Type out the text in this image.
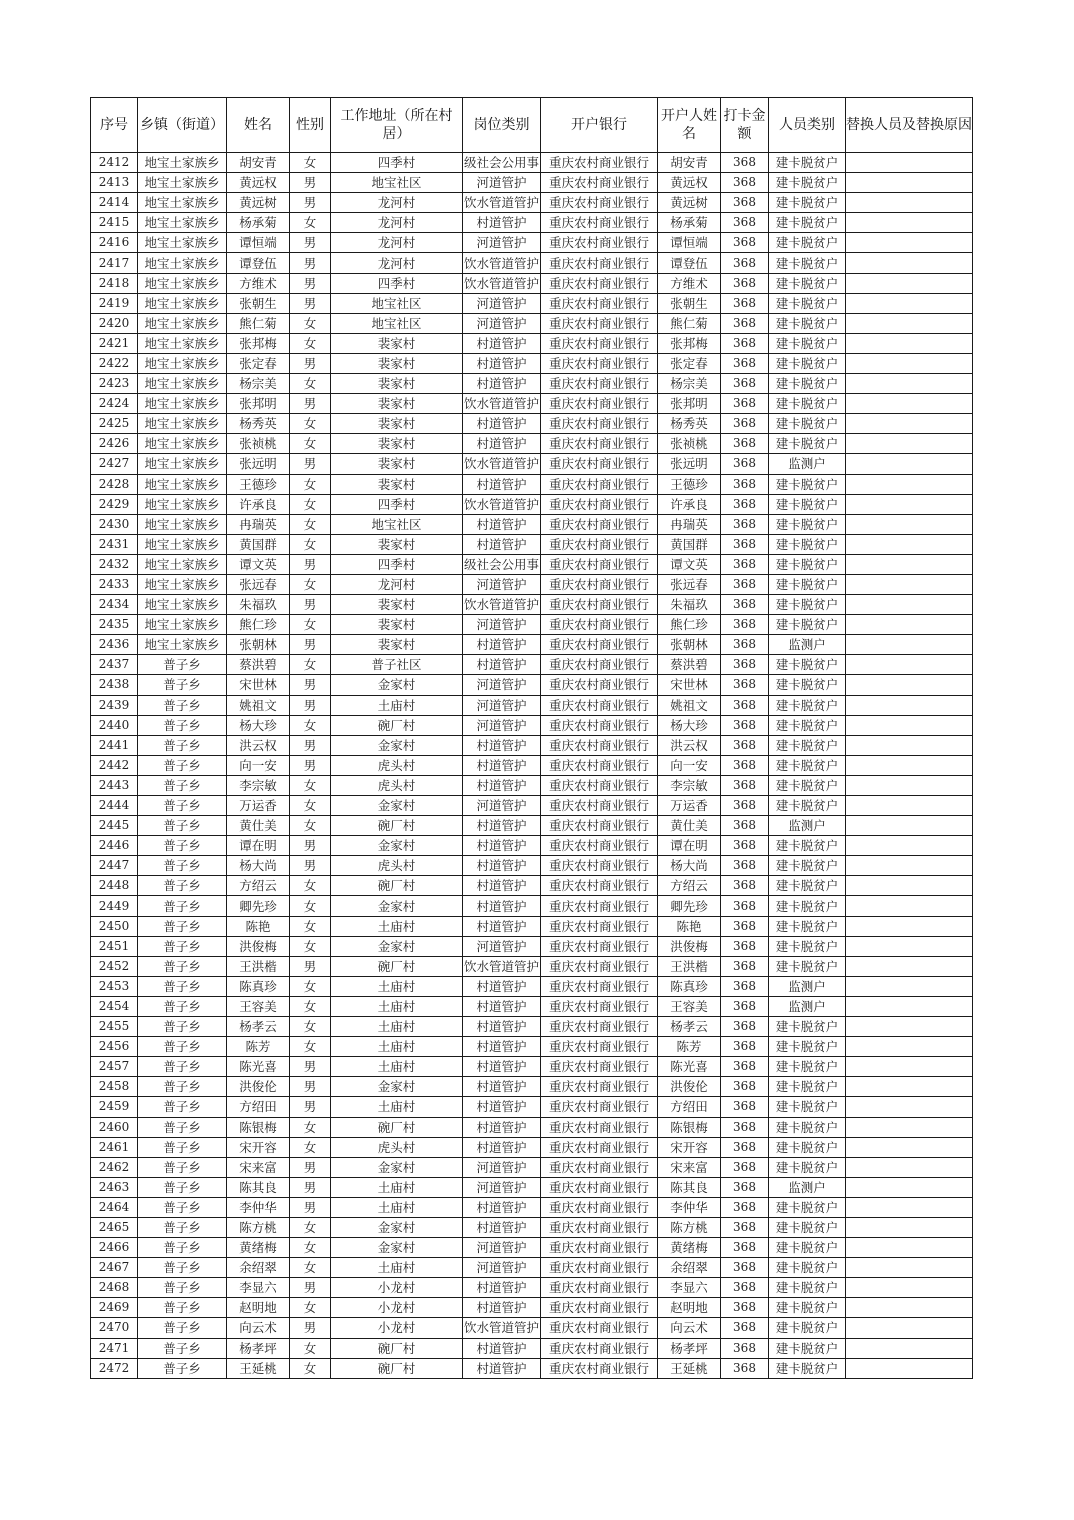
序号	乡镇（街道）	姓名	性别	工作地址（所在村居）	岗位类别	开户银行	开户人姓名	打卡金额	人员类别	替换人员及替换原因
2412	地宝土家族乡	胡安青	女	四季村	级社会公用事	重庆农村商业银行	胡安青	368	建卡脱贫户	
2413	地宝土家族乡	黄远权	男	地宝社区	河道管护	重庆农村商业银行	黄远权	368	建卡脱贫户	
2414	地宝土家族乡	黄远树	男	龙河村	饮水管道管护	重庆农村商业银行	黄远树	368	建卡脱贫户	
2415	地宝土家族乡	杨承菊	女	龙河村	村道管护	重庆农村商业银行	杨承菊	368	建卡脱贫户	
2416	地宝土家族乡	谭恒端	男	龙河村	河道管护	重庆农村商业银行	谭恒端	368	建卡脱贫户	
2417	地宝土家族乡	谭登伍	男	龙河村	饮水管道管护	重庆农村商业银行	谭登伍	368	建卡脱贫户	
2418	地宝土家族乡	方维术	男	四季村	饮水管道管护	重庆农村商业银行	方维术	368	建卡脱贫户	
2419	地宝土家族乡	张朝生	男	地宝社区	河道管护	重庆农村商业银行	张朝生	368	建卡脱贫户	
2420	地宝土家族乡	熊仁菊	女	地宝社区	河道管护	重庆农村商业银行	熊仁菊	368	建卡脱贫户	
2421	地宝土家族乡	张邦梅	女	裴家村	村道管护	重庆农村商业银行	张邦梅	368	建卡脱贫户	
2422	地宝土家族乡	张定春	男	裴家村	村道管护	重庆农村商业银行	张定春	368	建卡脱贫户	
2423	地宝土家族乡	杨宗美	女	裴家村	村道管护	重庆农村商业银行	杨宗美	368	建卡脱贫户	
2424	地宝土家族乡	张邦明	男	裴家村	饮水管道管护	重庆农村商业银行	张邦明	368	建卡脱贫户	
2425	地宝土家族乡	杨秀英	女	裴家村	村道管护	重庆农村商业银行	杨秀英	368	建卡脱贫户	
2426	地宝土家族乡	张祯桃	女	裴家村	村道管护	重庆农村商业银行	张祯桃	368	建卡脱贫户	
2427	地宝土家族乡	张远明	男	裴家村	饮水管道管护	重庆农村商业银行	张远明	368	监测户	
2428	地宝土家族乡	王德珍	女	裴家村	村道管护	重庆农村商业银行	王德珍	368	建卡脱贫户	
2429	地宝土家族乡	许承良	女	四季村	饮水管道管护	重庆农村商业银行	许承良	368	建卡脱贫户	
2430	地宝土家族乡	冉瑞英	女	地宝社区	村道管护	重庆农村商业银行	冉瑞英	368	建卡脱贫户	
2431	地宝土家族乡	黄国群	女	裴家村	村道管护	重庆农村商业银行	黄国群	368	建卡脱贫户	
2432	地宝土家族乡	谭文英	男	四季村	级社会公用事	重庆农村商业银行	谭文英	368	建卡脱贫户	
2433	地宝土家族乡	张远春	女	龙河村	河道管护	重庆农村商业银行	张远春	368	建卡脱贫户	
2434	地宝土家族乡	朱福玖	男	裴家村	饮水管道管护	重庆农村商业银行	朱福玖	368	建卡脱贫户	
2435	地宝土家族乡	熊仁珍	女	裴家村	河道管护	重庆农村商业银行	熊仁珍	368	建卡脱贫户	
2436	地宝土家族乡	张朝林	男	裴家村	村道管护	重庆农村商业银行	张朝林	368	监测户	
2437	普子乡	蔡洪碧	女	普子社区	村道管护	重庆农村商业银行	蔡洪碧	368	建卡脱贫户	
2438	普子乡	宋世林	男	金家村	河道管护	重庆农村商业银行	宋世林	368	建卡脱贫户	
2439	普子乡	姚祖文	男	土庙村	河道管护	重庆农村商业银行	姚祖文	368	建卡脱贫户	
2440	普子乡	杨大珍	女	碗厂村	河道管护	重庆农村商业银行	杨大珍	368	建卡脱贫户	
2441	普子乡	洪云权	男	金家村	村道管护	重庆农村商业银行	洪云权	368	建卡脱贫户	
2442	普子乡	向一安	男	虎头村	村道管护	重庆农村商业银行	向一安	368	建卡脱贫户	
2443	普子乡	李宗敏	女	虎头村	村道管护	重庆农村商业银行	李宗敏	368	建卡脱贫户	
2444	普子乡	万运香	女	金家村	河道管护	重庆农村商业银行	万运香	368	建卡脱贫户	
2445	普子乡	黄仕美	女	碗厂村	村道管护	重庆农村商业银行	黄仕美	368	监测户	
2446	普子乡	谭在明	男	金家村	村道管护	重庆农村商业银行	谭在明	368	建卡脱贫户	
2447	普子乡	杨大尚	男	虎头村	村道管护	重庆农村商业银行	杨大尚	368	建卡脱贫户	
2448	普子乡	方绍云	女	碗厂村	村道管护	重庆农村商业银行	方绍云	368	建卡脱贫户	
2449	普子乡	卿先珍	女	金家村	村道管护	重庆农村商业银行	卿先珍	368	建卡脱贫户	
2450	普子乡	陈艳	女	土庙村	村道管护	重庆农村商业银行	陈艳	368	建卡脱贫户	
2451	普子乡	洪俊梅	女	金家村	河道管护	重庆农村商业银行	洪俊梅	368	建卡脱贫户	
2452	普子乡	王洪楷	男	碗厂村	饮水管道管护	重庆农村商业银行	王洪楷	368	建卡脱贫户	
2453	普子乡	陈真珍	女	土庙村	村道管护	重庆农村商业银行	陈真珍	368	监测户	
2454	普子乡	王容美	女	土庙村	村道管护	重庆农村商业银行	王容美	368	监测户	
2455	普子乡	杨孝云	女	土庙村	村道管护	重庆农村商业银行	杨孝云	368	建卡脱贫户	
2456	普子乡	陈芳	女	土庙村	村道管护	重庆农村商业银行	陈芳	368	建卡脱贫户	
2457	普子乡	陈光喜	男	土庙村	村道管护	重庆农村商业银行	陈光喜	368	建卡脱贫户	
2458	普子乡	洪俊伦	男	金家村	村道管护	重庆农村商业银行	洪俊伦	368	建卡脱贫户	
2459	普子乡	方绍田	男	土庙村	村道管护	重庆农村商业银行	方绍田	368	建卡脱贫户	
2460	普子乡	陈银梅	女	碗厂村	村道管护	重庆农村商业银行	陈银梅	368	建卡脱贫户	
2461	普子乡	宋开容	女	虎头村	村道管护	重庆农村商业银行	宋开容	368	建卡脱贫户	
2462	普子乡	宋来富	男	金家村	河道管护	重庆农村商业银行	宋来富	368	建卡脱贫户	
2463	普子乡	陈其良	男	土庙村	河道管护	重庆农村商业银行	陈其良	368	监测户	
2464	普子乡	李仲华	男	土庙村	村道管护	重庆农村商业银行	李仲华	368	建卡脱贫户	
2465	普子乡	陈方桃	女	金家村	村道管护	重庆农村商业银行	陈方桃	368	建卡脱贫户	
2466	普子乡	黄绪梅	女	金家村	河道管护	重庆农村商业银行	黄绪梅	368	建卡脱贫户	
2467	普子乡	余绍翠	女	土庙村	河道管护	重庆农村商业银行	余绍翠	368	建卡脱贫户	
2468	普子乡	李显六	男	小龙村	村道管护	重庆农村商业银行	李显六	368	建卡脱贫户	
2469	普子乡	赵明地	女	小龙村	村道管护	重庆农村商业银行	赵明地	368	建卡脱贫户	
2470	普子乡	向云术	男	小龙村	饮水管道管护	重庆农村商业银行	向云术	368	建卡脱贫户	
2471	普子乡	杨孝坪	女	碗厂村	村道管护	重庆农村商业银行	杨孝坪	368	建卡脱贫户	
2472	普子乡	王延桃	女	碗厂村	村道管护	重庆农村商业银行	王延桃	368	建卡脱贫户	
